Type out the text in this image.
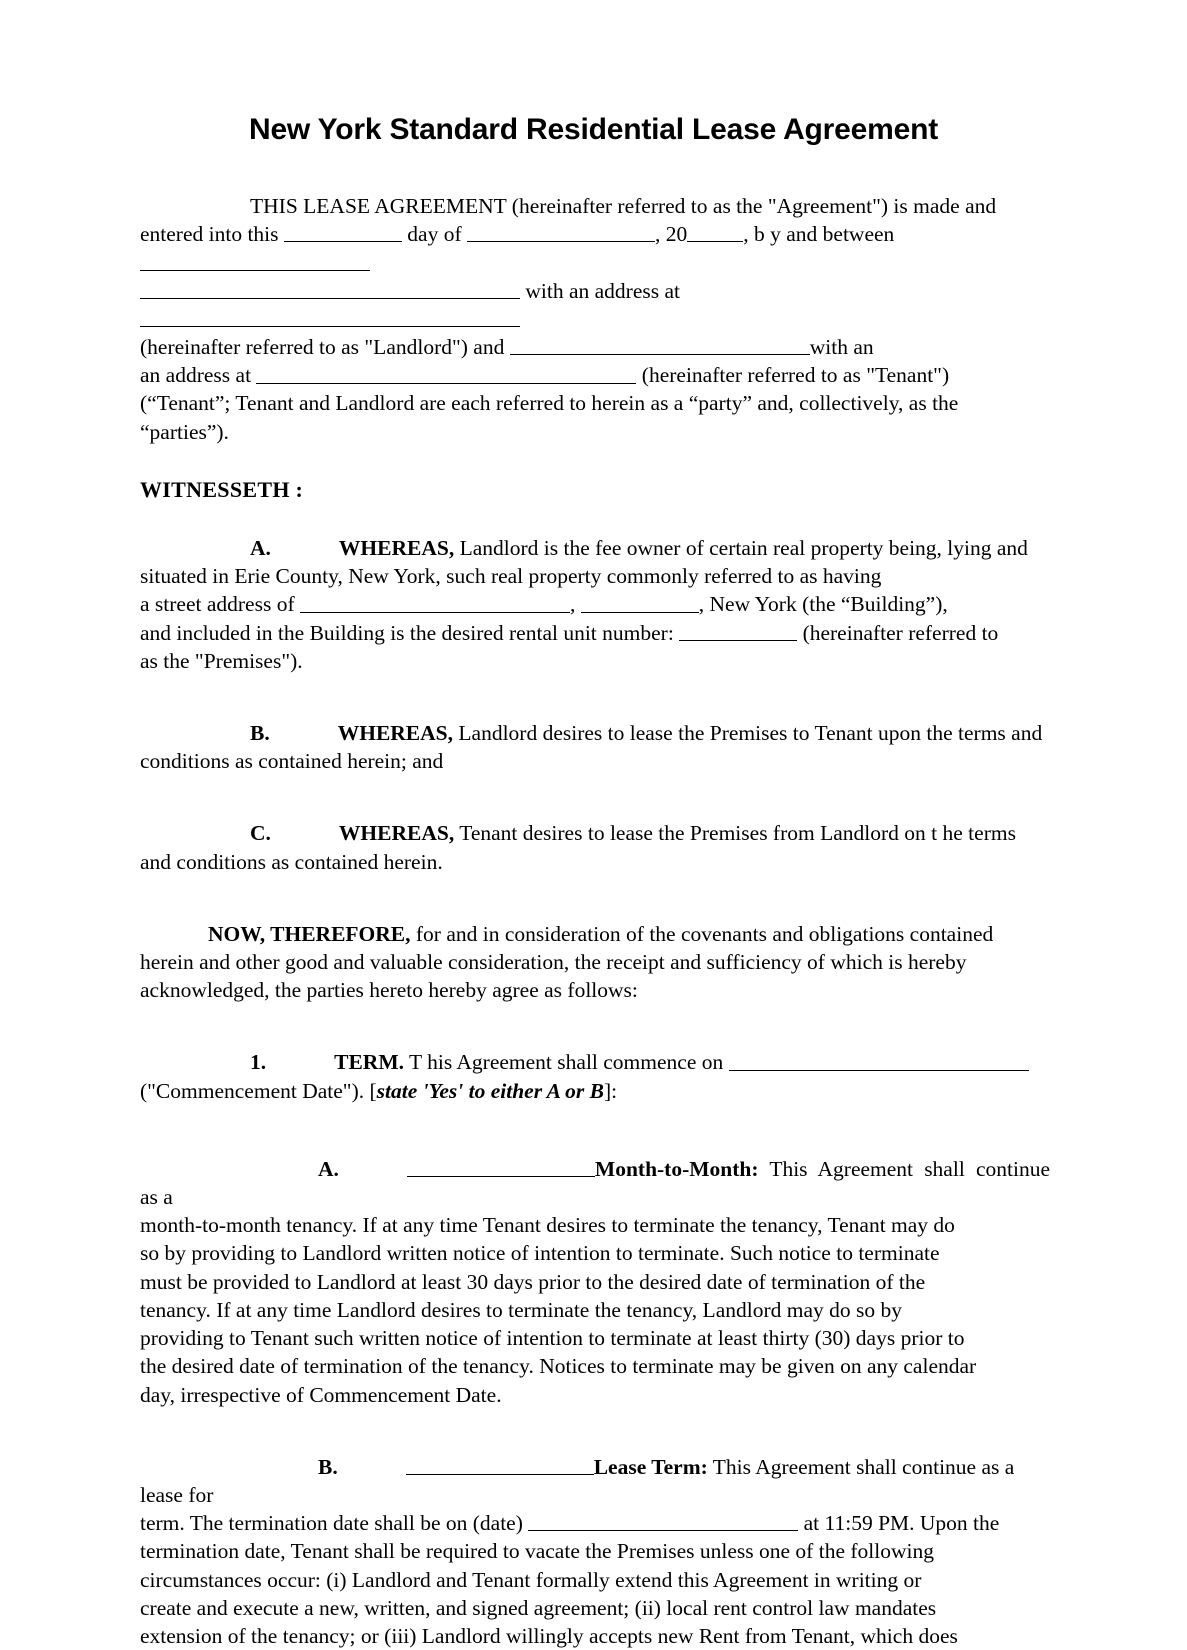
New York Standard Residential Lease Agreement

THIS LEASE AGREEMENT (hereinafter referred to as the "Agreement") is made and

entered into this	day of	, 20	, b y and between

with an address at

(hereinafter referred to as "Landlord") and	with an

an address at	(hereinafter referred to as "Tenant")

(“Tenant”; Tenant and Landlord are each referred to herein as a “party” and, collectively, as the

“parties”).

WITNESSETH :

A.	WHEREAS, Landlord is the fee owner of certain real property being, lying and

situated in Erie County, New York, such real property commonly referred to as having

a street address of	,	, New York (the “Building”),

and included in the Building is the desired rental unit number:	(hereinafter referred to

as the "Premises").

B.	WHEREAS, Landlord desires to lease the Premises to Tenant upon the terms and

conditions as contained herein; and

C.	WHEREAS, Tenant desires to lease the Premises from Landlord on t he terms

and conditions as contained herein.

NOW, THEREFORE, for and in consideration of the covenants and obligations contained

herein and other good and valuable consideration, the receipt and sufficiency of which is hereby

acknowledged, the parties hereto hereby agree as follows:

1.	TERM. T his Agreement shall commence on

("Commencement Date"). [state 'Yes' to either A or B]:

A.	Month-to-Month: This Agreement shall continue as a

month-to-month tenancy. If at any time Tenant desires to terminate the tenancy, Tenant may do

so by providing to Landlord written notice of intention to terminate. Such notice to terminate

must be provided to Landlord at least 30 days prior to the desired date of termination of the

tenancy. If at any time Landlord desires to terminate the tenancy, Landlord may do so by

providing to Tenant such written notice of intention to terminate at least thirty (30) days prior to

the desired date of termination of the tenancy. Notices to terminate may be given on any calendar

day, irrespective of Commencement Date.

B.	Lease Term: This Agreement shall continue as a lease for

term. The termination date shall be on (date)	at 11:59 PM. Upon the

termination date, Tenant shall be required to vacate the Premises unless one of the following

circumstances occur: (i) Landlord and Tenant formally extend this Agreement in writing or

create and execute a new, written, and signed agreement; (ii) local rent control law mandates

extension of the tenancy; or (iii) Landlord willingly accepts new Rent from Tenant, which does
